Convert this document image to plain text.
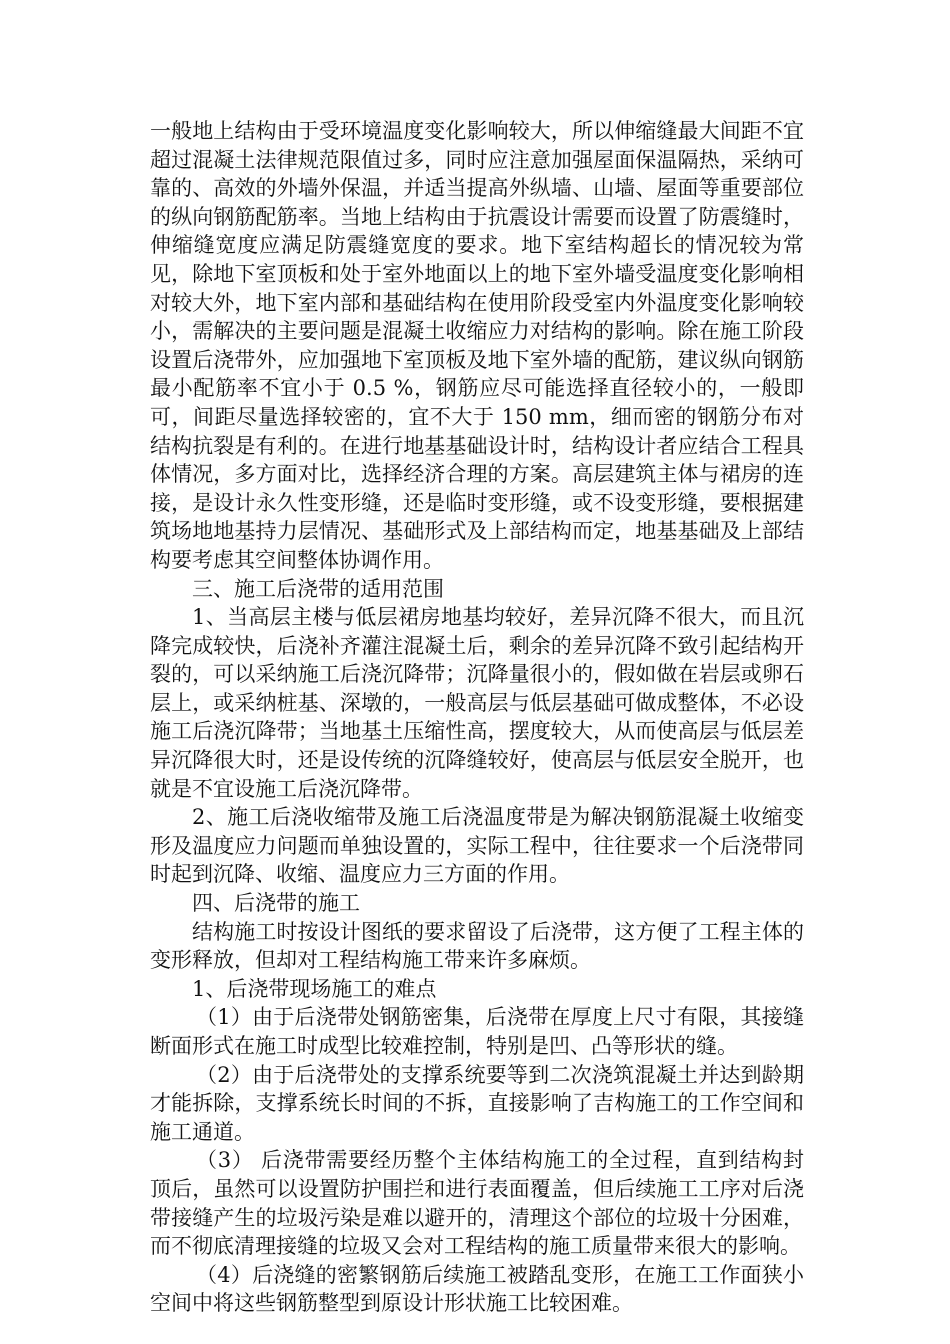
一般地上结构由于受环境温度变化影响较大，所以伸缩缝最大间距不宜超过混凝土法律规范限值过多，同时应注意加强屋面保温隔热，采纳可靠的、高效的外墙外保温，并适当提高外纵墙、山墙、屋面等重要部位的纵向钢筋配筋率。当地上结构由于抗震设计需要而设置了防震缝时，伸缩缝宽度应满足防震缝宽度的要求。地下室结构超长的情况较为常见，除地下室顶板和处于室外地面以上的地下室外墙受温度变化影响相对较大外，地下室内部和基础结构在使用阶段受室内外温度变化影响较小，需解决的主要问题是混凝土收缩应力对结构的影响。除在施工阶段设置后浇带外，应加强地下室顶板及地下室外墙的配筋，建议纵向钢筋最小配筋率不宜小于 0.5 %，钢筋应尽可能选择直径较小的，一般即可，间距尽量选择较密的，宜不大于 150 mm，细而密的钢筋分布对结构抗裂是有利的。在进行地基基础设计时，结构设计者应结合工程具体情况，多方面对比，选择经济合理的方案。高层建筑主体与裙房的连接，是设计永久性变形缝，还是临时变形缝，或不设变形缝，要根据建筑场地地基持力层情况、基础形式及上部结构而定，地基基础及上部结构要考虑其空间整体协调作用。

三、施工后浇带的适用范围

1、当高层主楼与低层裙房地基均较好，差异沉降不很大，而且沉降完成较快，后浇补齐灌注混凝土后，剩余的差异沉降不致引起结构开裂的，可以采纳施工后浇沉降带；沉降量很小的，假如做在岩层或卵石层上，或采纳桩基、深墩的，一般高层与低层基础可做成整体，不必设施工后浇沉降带；当地基土压缩性高，摆度较大，从而使高层与低层差异沉降很大时，还是设传统的沉降缝较好，使高层与低层安全脱开，也就是不宜设施工后浇沉降带。

2、施工后浇收缩带及施工后浇温度带是为解决钢筋混凝土收缩变形及温度应力问题而单独设置的，实际工程中，往往要求一个后浇带同时起到沉降、收缩、温度应力三方面的作用。

四、后浇带的施工

结构施工时按设计图纸的要求留设了后浇带，这方便了工程主体的变形释放，但却对工程结构施工带来许多麻烦。

1、后浇带现场施工的难点

（1）由于后浇带处钢筋密集，后浇带在厚度上尺寸有限，其接缝断面形式在施工时成型比较难控制，特别是凹、凸等形状的缝。

（2）由于后浇带处的支撑系统要等到二次浇筑混凝土并达到龄期才能拆除，支撑系统长时间的不拆，直接影响了吉构施工的工作空间和施工通道。

（3） 后浇带需要经历整个主体结构施工的全过程，直到结构封顶后，虽然可以设置防护围拦和进行表面覆盖，但后续施工工序对后浇带接缝产生的垃圾污染是难以避开的，清理这个部位的垃圾十分困难，而不彻底清理接缝的垃圾又会对工程结构的施工质量带来很大的影响。

（4）后浇缝的密繁钢筋后续施工被踏乱变形，在施工工作面狭小空间中将这些钢筋整型到原设计形状施工比较困难。
